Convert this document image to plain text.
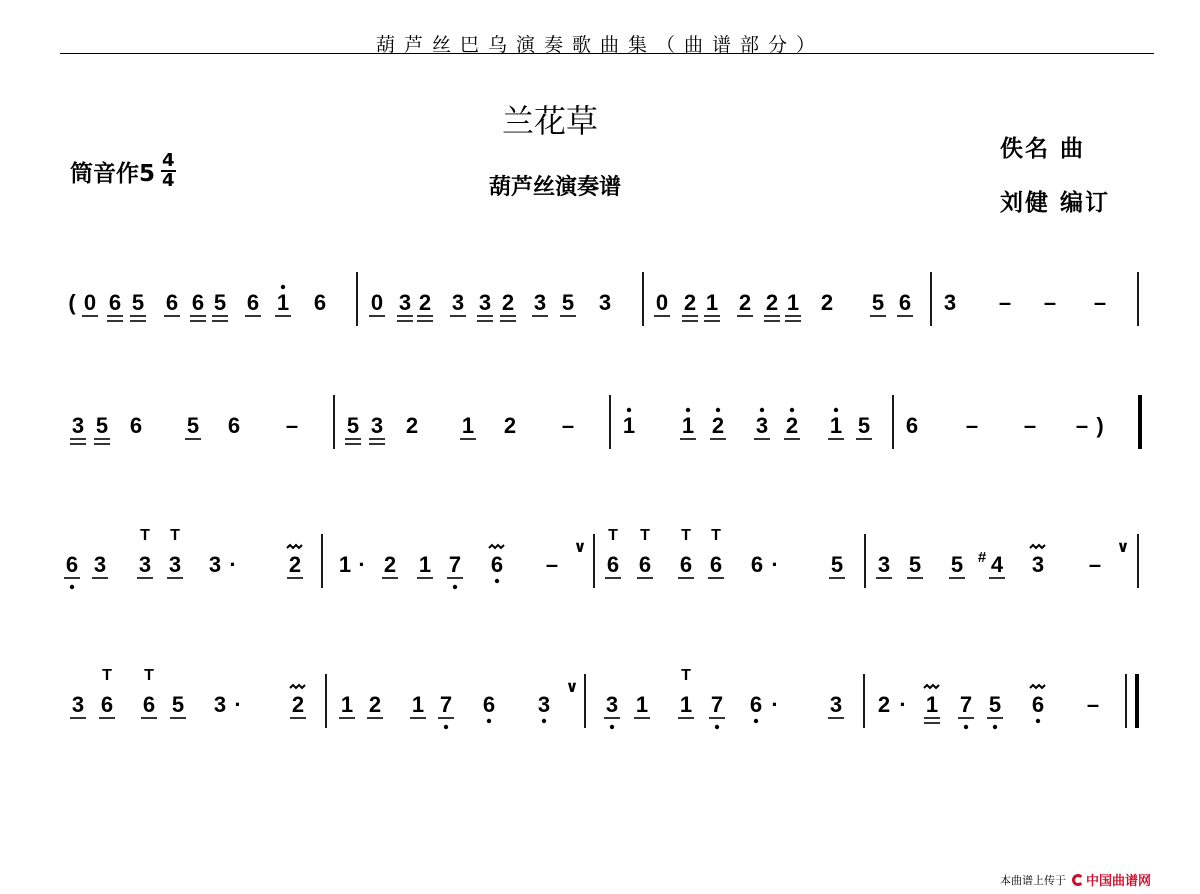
葫芦丝巴乌演奏歌曲集（曲谱部分）
兰花草
葫芦丝演奏谱
筒音作$5 \frac{4}{4}$
佚名 曲
刘健 编订
( 0 6 5 6 6 5 6 1 6 0 3 2 3 3 2 3 5 3 0 2 1 2 2 1 2 5 6 3 – – –
3 5 6 5 6 – 5 3 2 1 2 – 1 1 2 3 2 1 5 6 – – – )
6 3 3
T
3
T
3 · 2 1 · 2 1 7 6 –
∨
6
T
6
T
6
T
6
T
6 · 5 3 5 5 # 4 3 –
∨
3 6
T
6
T
5 3 · 2 1 2 1 7 6 3
∨
3 1 1
T
7 6 · 3 2 · 1 7 5 6 –
本曲谱上传于 中国曲谱网
